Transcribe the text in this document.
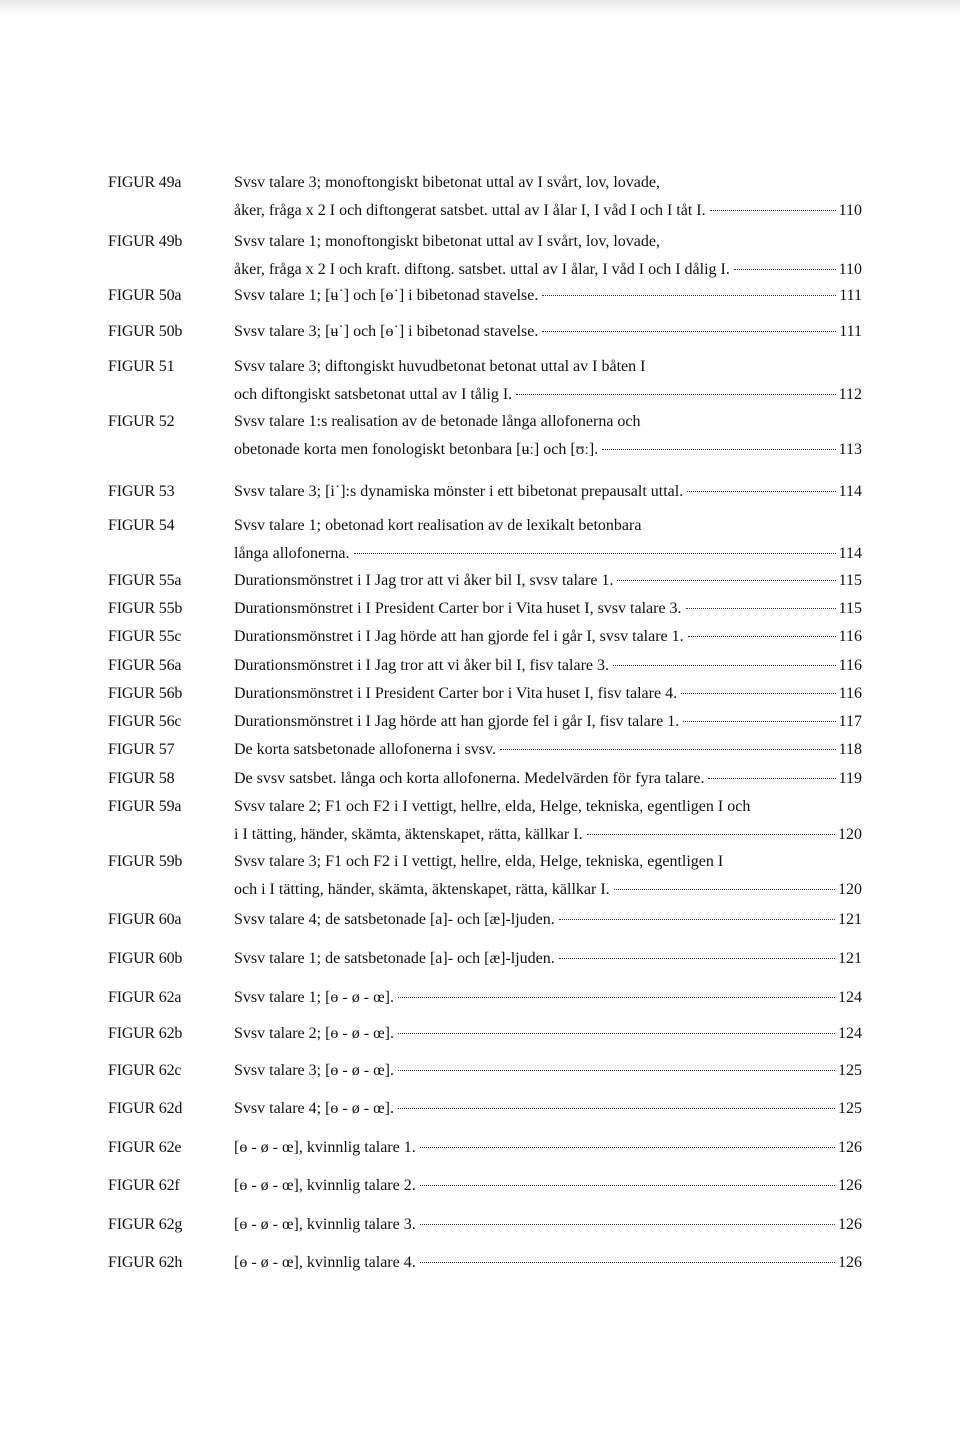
FIGUR 49a	Svsv talare 3; monoftongiskt bibetonat uttal av I svårt, lov, lovade,
åker, fråga x 2 I och diftongerat satsbet. uttal av I ålar I, I våd I och I tåt I.	110
FIGUR 49b	Svsv talare 1; monoftongiskt bibetonat uttal av I svårt, lov, lovade,
åker, fråga x 2 I och kraft. diftong. satsbet. uttal av I ålar, I våd I och I dålig I.	110
FIGUR 50a	Svsv talare 1; [ʉ˙] och [ɵ˙] i bibetonad stavelse.	111
FIGUR 50b	Svsv talare 3; [ʉ˙] och [ɵ˙] i bibetonad stavelse.	111
FIGUR 51	Svsv talare 3; diftongiskt huvudbetonat betonat uttal av I båten I
och diftongiskt satsbetonat uttal av I tålig I.	112
FIGUR 52	Svsv talare 1:s realisation av de betonade långa allofonerna och
obetonade korta men fonologiskt betonbara [ʉː] och [ʊː].	113
FIGUR 53	Svsv talare 3; [i˙]:s dynamiska mönster i ett bibetonat prepausalt uttal.	114
FIGUR 54	Svsv talare 1; obetonad kort realisation av de lexikalt betonbara
långa allofonerna.	114
FIGUR 55a	Durationsmönstret i I Jag tror att vi åker bil I, svsv talare 1.	115
FIGUR 55b	Durationsmönstret i I President Carter bor i Vita huset I, svsv talare 3.	115
FIGUR 55c	Durationsmönstret i I Jag hörde att han gjorde fel i går I, svsv talare 1.	116
FIGUR 56a	Durationsmönstret i I Jag tror att vi åker bil I, fisv talare 3.	116
FIGUR 56b	Durationsmönstret i I President Carter bor i Vita huset I, fisv talare 4.	116
FIGUR 56c	Durationsmönstret i I Jag hörde att han gjorde fel i går I, fisv talare 1.	117
FIGUR 57	De korta satsbetonade allofonerna i svsv.	118
FIGUR 58	De svsv satsbet. långa och korta allofonerna. Medelvärden för fyra talare.	119
FIGUR 59a	Svsv talare 2; F1 och F2 i I vettigt, hellre, elda, Helge, tekniska, egentligen I och
i I tätting, händer, skämta, äktenskapet, rätta, källkar I.	120
FIGUR 59b	Svsv talare 3; F1 och F2 i I vettigt, hellre, elda, Helge, tekniska, egentligen I
och i I tätting, händer, skämta, äktenskapet, rätta, källkar I.	120
FIGUR 60a	Svsv talare 4; de satsbetonade [a]- och [æ]-ljuden.	121
FIGUR 60b	Svsv talare 1; de satsbetonade [a]- och [æ]-ljuden.	121
FIGUR 62a	Svsv talare 1; [ɵ - ø - œ].	124
FIGUR 62b	Svsv talare 2; [ɵ - ø - œ].	124
FIGUR 62c	Svsv talare 3; [ɵ - ø - œ].	125
FIGUR 62d	Svsv talare 4; [ɵ - ø - œ].	125
FIGUR 62e	[ɵ - ø - œ], kvinnlig talare 1.	126
FIGUR 62f	[ɵ - ø - œ], kvinnlig talare 2.	126
FIGUR 62g	[ɵ - ø - œ], kvinnlig talare 3.	126
FIGUR 62h	[ɵ - ø - œ], kvinnlig talare 4.	126
